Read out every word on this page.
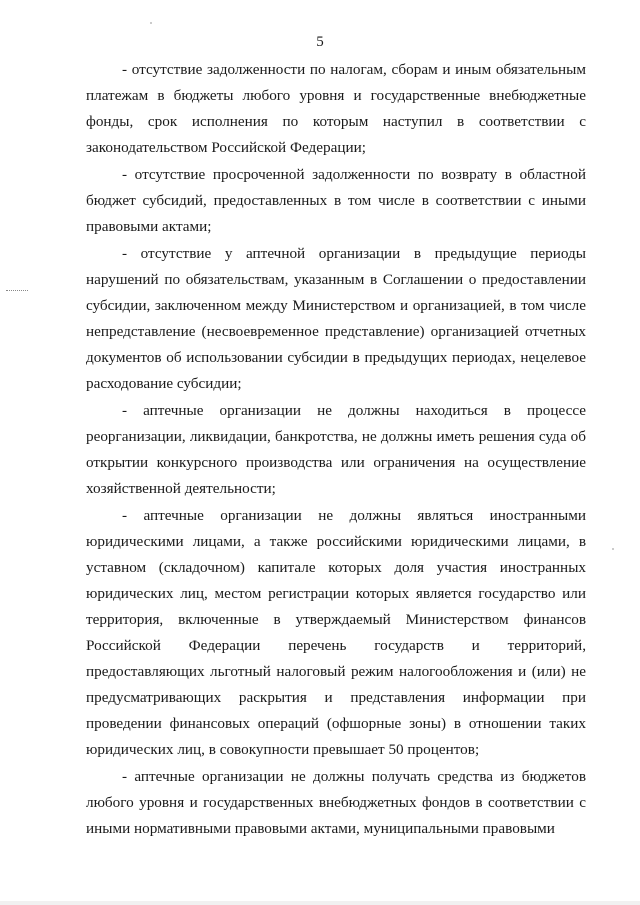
5

- отсутствие задолженности по налогам, сборам и иным обязательным платежам в бюджеты любого уровня и государственные внебюджетные фонды, срок исполнения по которым наступил в соответствии с законодательством Российской Федерации;

- отсутствие просроченной задолженности по возврату в областной бюджет субсидий, предоставленных в том числе в соответствии с иными правовыми актами;

- отсутствие у аптечной организации в предыдущие периоды нарушений по обязательствам, указанным в Соглашении о предоставлении субсидии, заключенном между Министерством и организацией, в том числе непредставление (несвоевременное представление) организацией отчетных документов об использовании субсидии в предыдущих периодах, нецелевое расходование субсидии;

- аптечные организации не должны находиться в процессе реорганизации, ликвидации, банкротства, не должны иметь решения суда об открытии конкурсного производства или ограничения на осуществление хозяйственной деятельности;

- аптечные организации не должны являться иностранными юридическими лицами, а также российскими юридическими лицами, в уставном (складочном) капитале которых доля участия иностранных юридических лиц, местом регистрации которых является государство или территория, включенные в утверждаемый Министерством финансов Российской Федерации перечень государств и территорий, предоставляющих льготный налоговый режим налогообложения и (или) не предусматривающих раскрытия и представления информации при проведении финансовых операций (офшорные зоны) в отношении таких юридических лиц, в совокупности превышает 50 процентов;

- аптечные организации не должны получать средства из бюджетов любого уровня и государственных внебюджетных фондов в соответствии с иными нормативными правовыми актами, муниципальными правовыми
